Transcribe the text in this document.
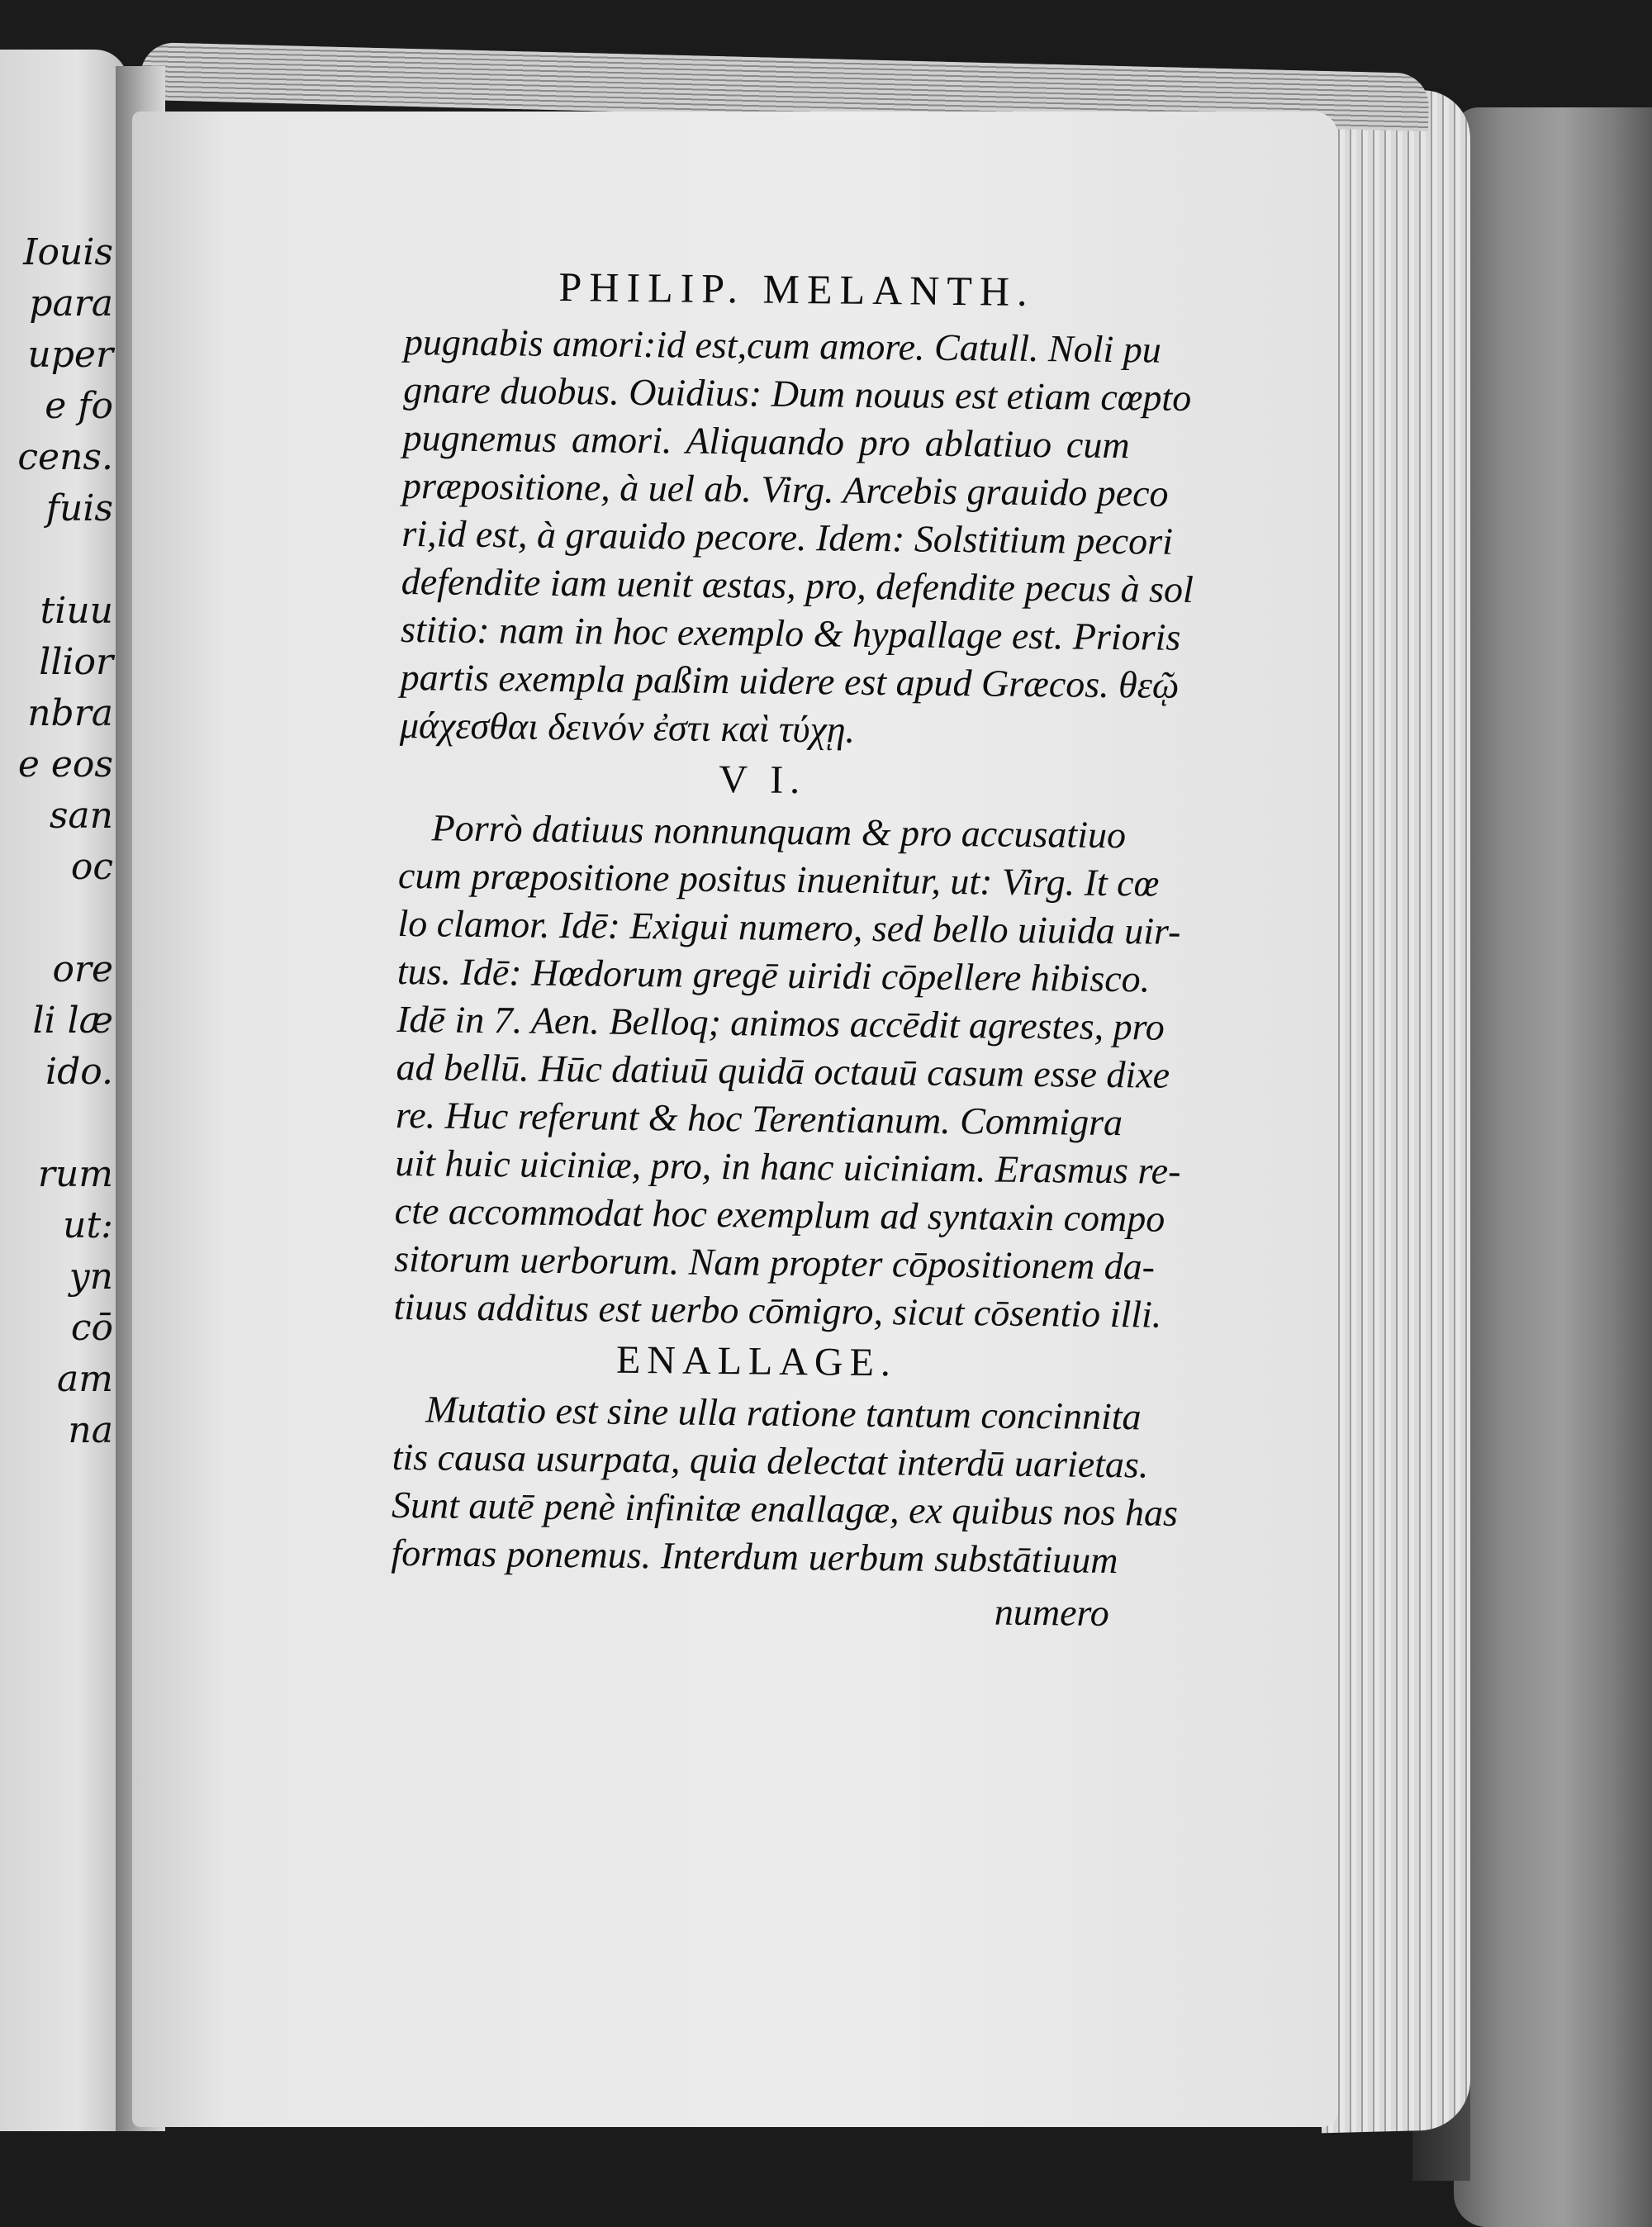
Iouis
para
uper
e fo
cens.
fuis
tiuu
llior
nbra
e eos
san
oc
ore
li læ
ido.
rum
ut:
yn
cō
am
na
PHILIP. MELANTH.
pugnabis amori:id est,cum amore. Catull. Noli pu
gnare duobus. Ouidius: Dum nouus est etiam cœpto
pugnemus amori. Aliquando pro ablatiuo cum
præpositione, à uel ab. Virg. Arcebis grauido peco
ri,id est, à grauido pecore. Idem: Solstitium pecori
defendite iam uenit æstas, pro, defendite pecus à sol
stitio: nam in hoc exemplo & hypallage est. Prioris
partis exempla paßim uidere est apud Græcos. θεῷ
μάχεσθαι δεινόν ἐστι καὶ τύχῃ.
V I.
Porrò datiuus nonnunquam & pro accusatiuo
cum præpositione positus inuenitur, ut: Virg. It cœ
lo clamor. Idē: Exigui numero, sed bello uiuida uir-
tus. Idē: Hœdorum gregē uiridi cōpellere hibisco.
Idē in 7. Aen. Belloq; animos accēdit agrestes, pro
ad bellū. Hūc datiuū quidā octauū casum esse dixe
re. Huc referunt & hoc Terentianum. Commigra
uit huic uiciniæ, pro, in hanc uiciniam. Erasmus re-
cte accommodat hoc exemplum ad syntaxin compo
sitorum uerborum. Nam propter cōpositionem da-
tiuus additus est uerbo cōmigro, sicut cōsentio illi.
ENALLAGE.
Mutatio est sine ulla ratione tantum concinnita
tis causa usurpata, quia delectat interdū uarietas.
Sunt autē penè infinitæ enallagæ, ex quibus nos has
formas ponemus. Interdum uerbum substātiuum
numero
